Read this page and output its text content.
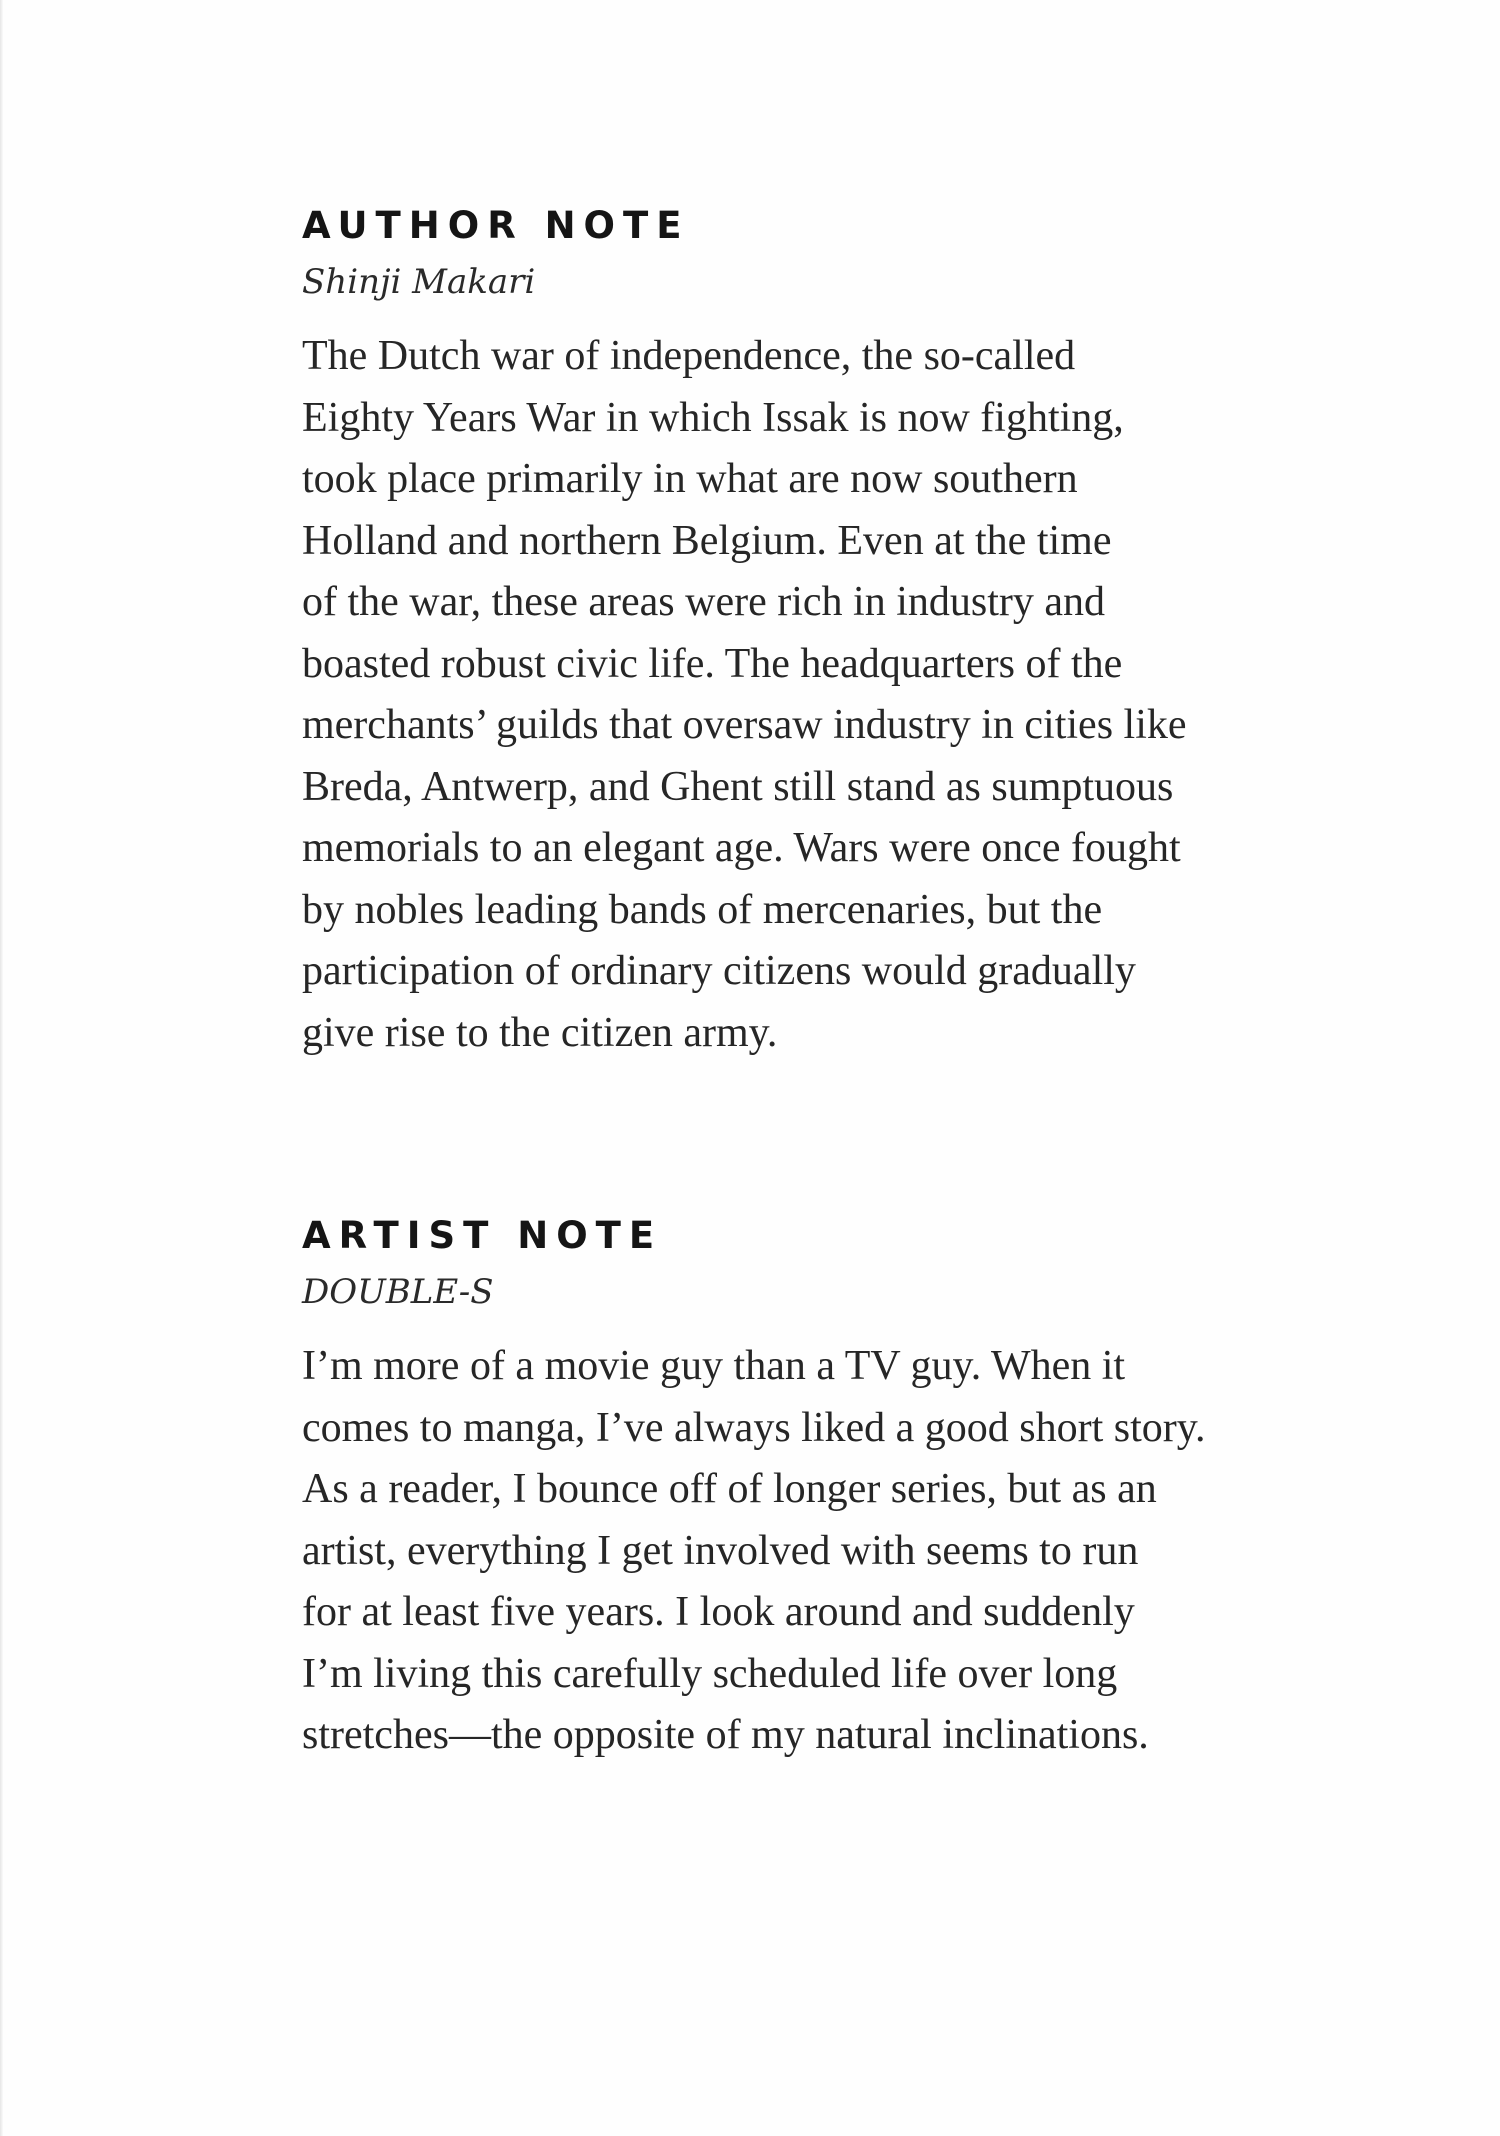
AUTHOR NOTE

Shinji Makari

The Dutch war of independence, the so-called
Eighty Years War in which Issak is now fighting,
took place primarily in what are now southern
Holland and northern Belgium. Even at the time
of the war, these areas were rich in industry and
boasted robust civic life. The headquarters of the
merchants’ guilds that oversaw industry in cities like
Breda, Antwerp, and Ghent still stand as sumptuous
memorials to an elegant age. Wars were once fought
by nobles leading bands of mercenaries, but the
participation of ordinary citizens would gradually
give rise to the citizen army.

ARTIST NOTE

DOUBLE-S

I’m more of a movie guy than a TV guy. When it
comes to manga, I’ve always liked a good short story.
As a reader, I bounce off of longer series, but as an
artist, everything I get involved with seems to run
for at least five years. I look around and suddenly
I’m living this carefully scheduled life over long
stretches—the opposite of my natural inclinations.
